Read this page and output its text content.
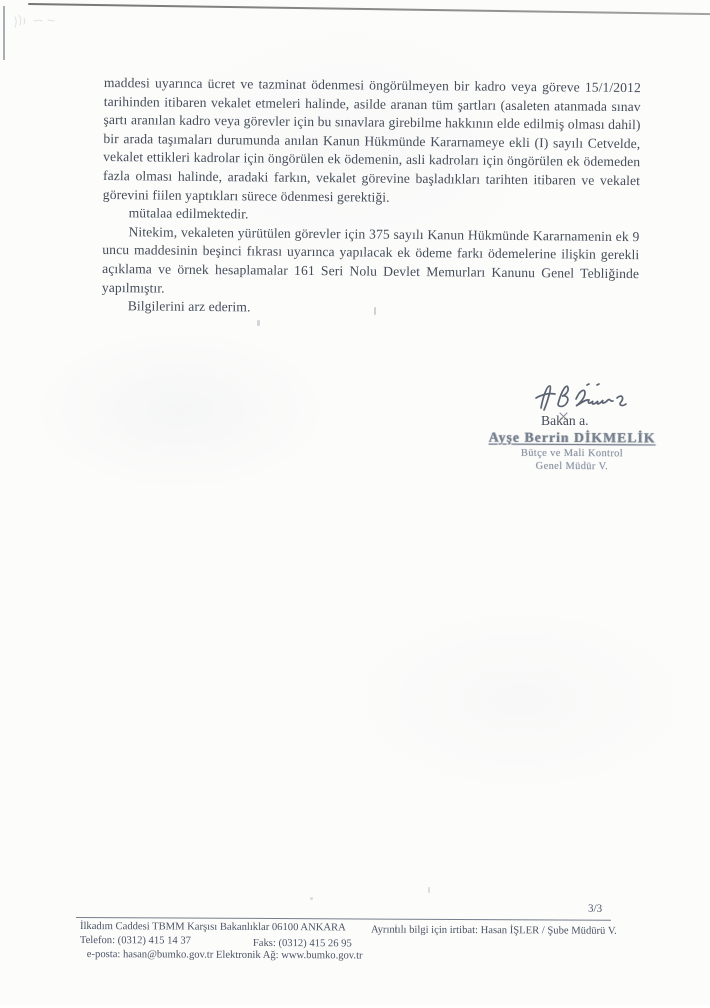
maddesi uyarınca ücret ve tazminat ödenmesi öngörülmeyen bir kadro veya göreve 15/1/2012 tarihinden itibaren vekalet etmeleri halinde, asilde aranan tüm şartları (asaleten atanmada sınav şartı aranılan kadro veya görevler için bu sınavlara girebilme hakkının elde edilmiş olması dahil) bir arada taşımaları durumunda anılan Kanun Hükmünde Kararnameye ekli (I) sayılı Cetvelde, vekalet ettikleri kadrolar için öngörülen ek ödemenin, asli kadroları için öngörülen ek ödemeden fazla olması halinde, aradaki farkın, vekalet görevine başladıkları tarihten itibaren ve vekalet görevini fiilen yaptıkları sürece ödenmesi gerektiği.

mütalaa edilmektedir.

Nitekim, vekaleten yürütülen görevler için 375 sayılı Kanun Hükmünde Kararnamenin ek 9 uncu maddesinin beşinci fıkrası uyarınca yapılacak ek ödeme farkı ödemelerine ilişkin gerekli açıklama ve örnek hesaplamalar 161 Seri Nolu Devlet Memurları Kanunu Genel Tebliğinde yapılmıştır.

Bilgilerini arz ederim.

Bakan a.
Ayşe Berrin DİKMELİK
Bütçe ve Mali Kontrol
Genel Müdür V.
3/3
İlkadım Caddesi TBMM Karşısı Bakanlıklar 06100 ANKARA Ayrıntılı bilgi için irtibat: Hasan İŞLER / Şube Müdürü V.
Telefon: (0312) 415 14 37	Faks: (0312) 415 26 95
e-posta: hasan@bumko.gov.tr Elektronik Ağ: www.bumko.gov.tr
